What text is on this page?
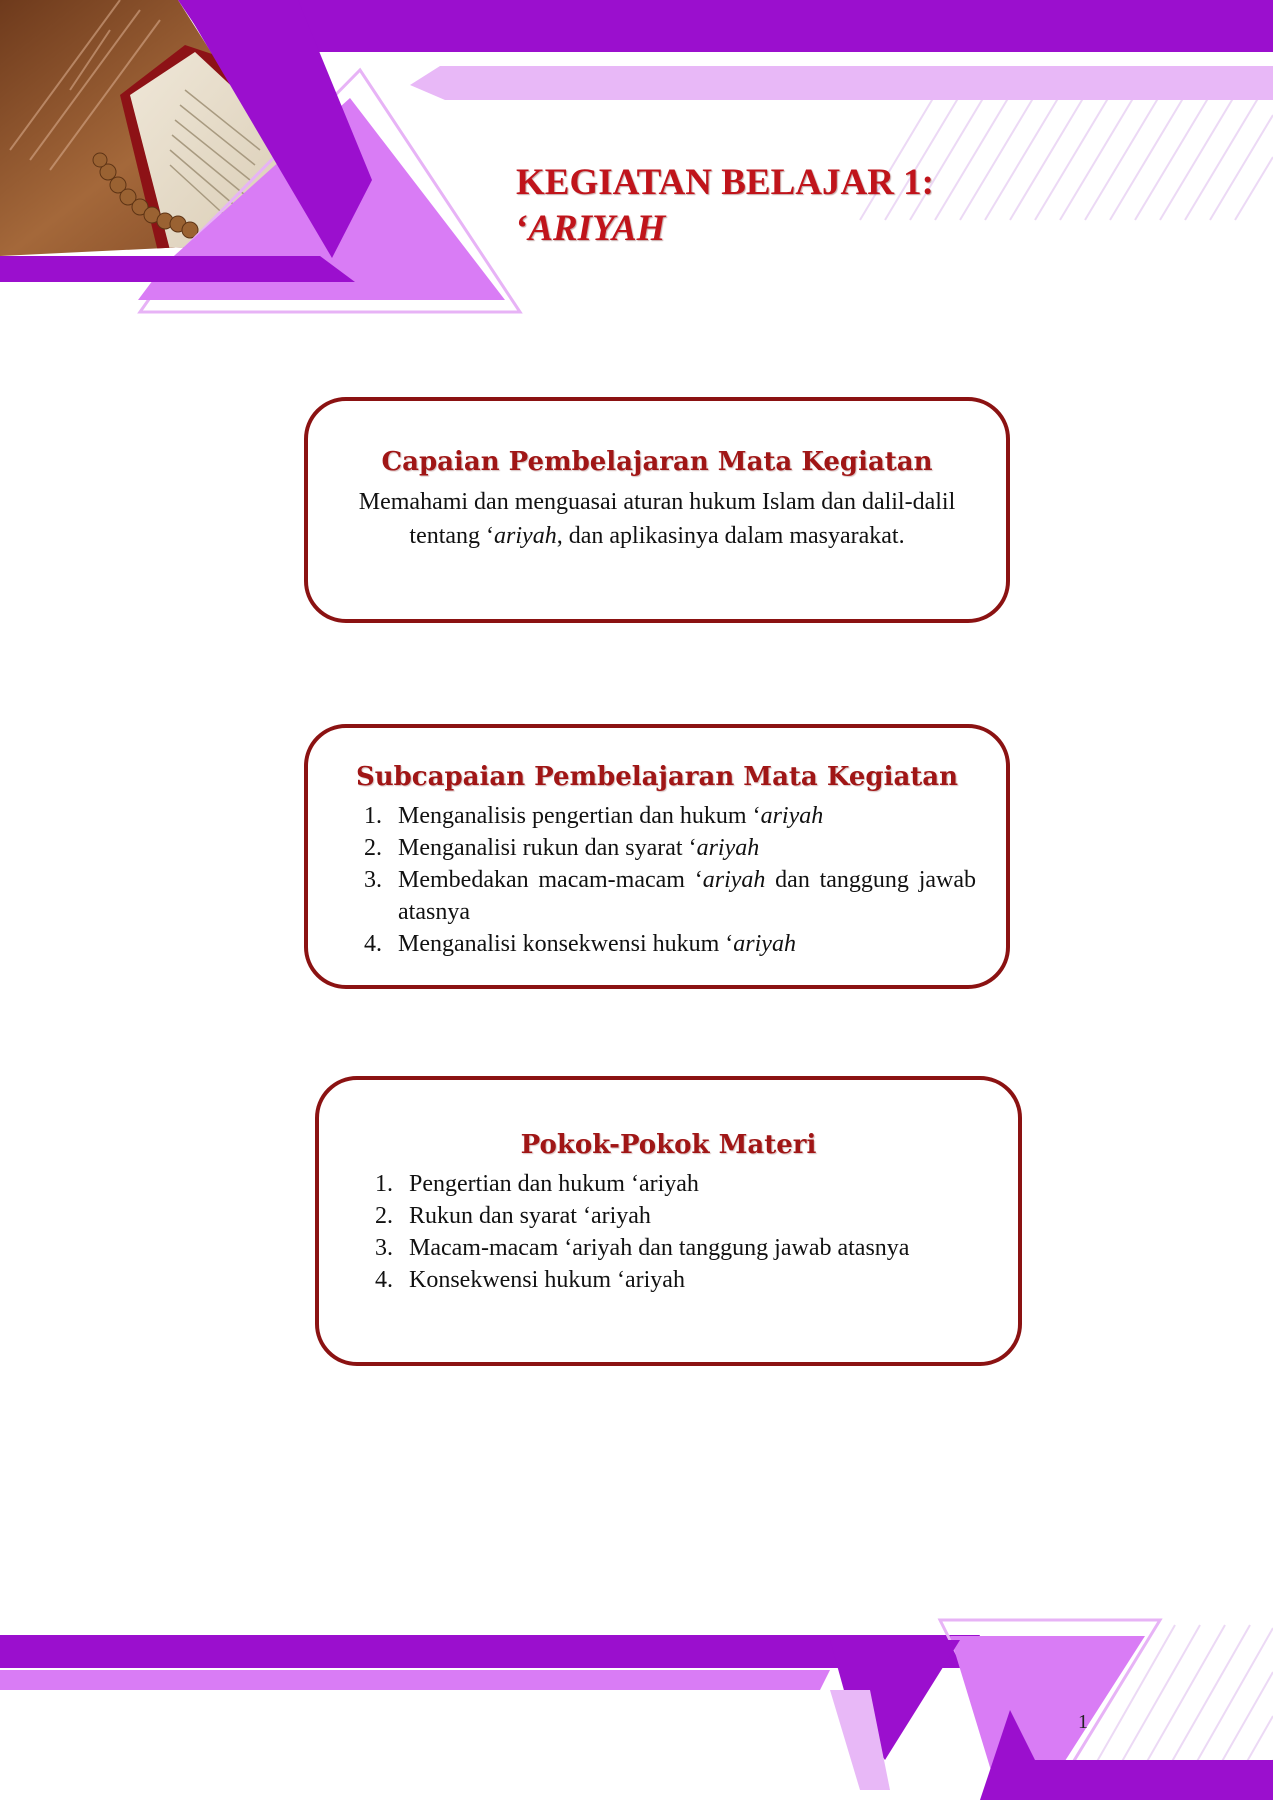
KEGIATAN BELAJAR 1:
‘ARIYAH
Capaian Pembelajaran Mata Kegiatan

Memahami dan menguasai aturan hukum Islam dan dalil-dalil
tentang ‘ariyah, dan aplikasinya dalam masyarakat.

Subcapaian Pembelajaran Mata Kegiatan
1. Menganalisis pengertian dan hukum ‘ariyah
2. Menganalisi rukun dan syarat ‘ariyah
3. Membedakan macam-macam ‘ariyah dan tanggung jawab atasnya
4. Menganalisi konsekwensi hukum ‘ariyah
Pokok-Pokok Materi
1. Pengertian dan hukum ‘ariyah
2. Rukun dan syarat ‘ariyah
3. Macam-macam ‘ariyah dan tanggung jawab atasnya
4. Konsekwensi hukum ‘ariyah
1
